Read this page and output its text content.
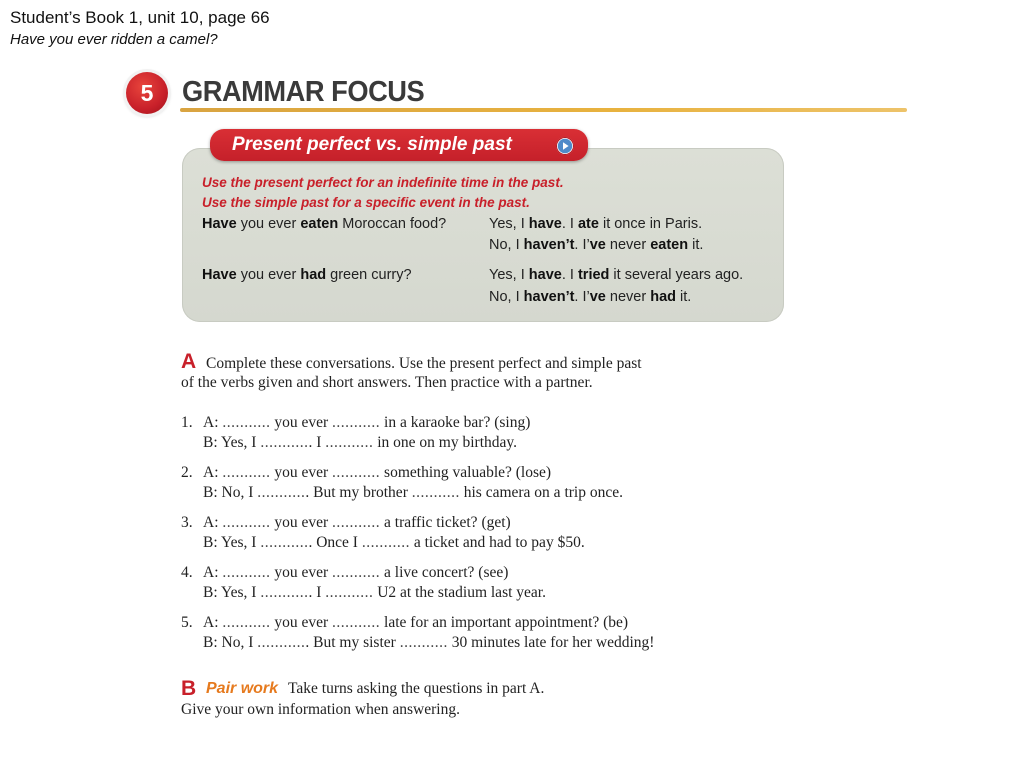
Student’s Book 1, unit 10, page 66
Have you ever ridden a camel?
5 GRAMMAR FOCUS
Present perfect vs. simple past
Use the present perfect for an indefinite time in the past.
Use the simple past for a specific event in the past.
Have you ever eaten Moroccan food?	Yes, I have. I ate it once in Paris.
No, I haven’t. I’ve never eaten it.
Have you ever had green curry?	Yes, I have. I tried it several years ago.
No, I haven’t. I’ve never had it.
A Complete these conversations. Use the present perfect and simple past
of the verbs given and short answers. Then practice with a partner.
1. A: ........... you ever ........... in a karaoke bar? (sing)
B: Yes, I ............ I ........... in one on my birthday.
2. A: ........... you ever ........... something valuable? (lose)
B: No, I ............ But my brother ........... his camera on a trip once.
3. A: ........... you ever ........... a traffic ticket? (get)
B: Yes, I ............ Once I ........... a ticket and had to pay $50.
4. A: ........... you ever ........... a live concert? (see)
B: Yes, I ............ I ........... U2 at the stadium last year.
5. A: ........... you ever ........... late for an important appointment? (be)
B: No, I ............ But my sister ........... 30 minutes late for her wedding!
B Pair work Take turns asking the questions in part A.
Give your own information when answering.
